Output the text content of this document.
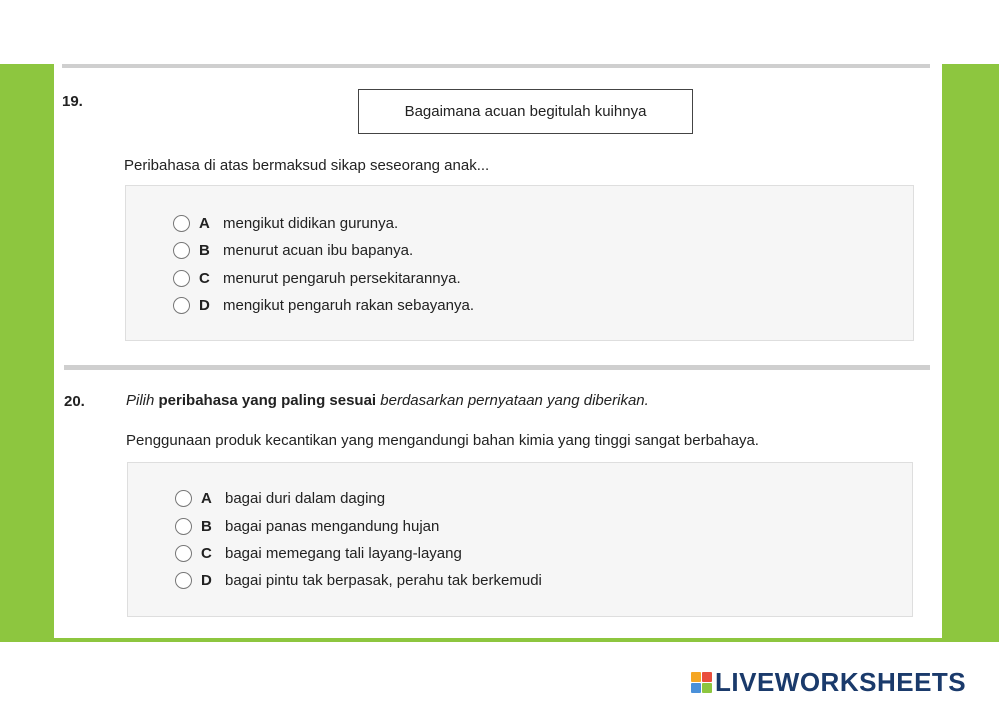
19.
Bagaimana acuan begitulah kuihnya
Peribahasa di atas bermaksud sikap seseorang anak...
A mengikut didikan gurunya.
B menurut acuan ibu bapanya.
C menurut pengaruh persekitarannya.
D mengikut pengaruh rakan sebayanya.
20.	Pilih peribahasa yang paling sesuai berdasarkan pernyataan yang diberikan.
Penggunaan produk kecantikan yang mengandungi bahan kimia yang tinggi sangat berbahaya.
A bagai duri dalam daging
B bagai panas mengandung hujan
C bagai memegang tali layang-layang
D bagai pintu tak berpasak, perahu tak berkemudi
LIVEWORKSHEETS
